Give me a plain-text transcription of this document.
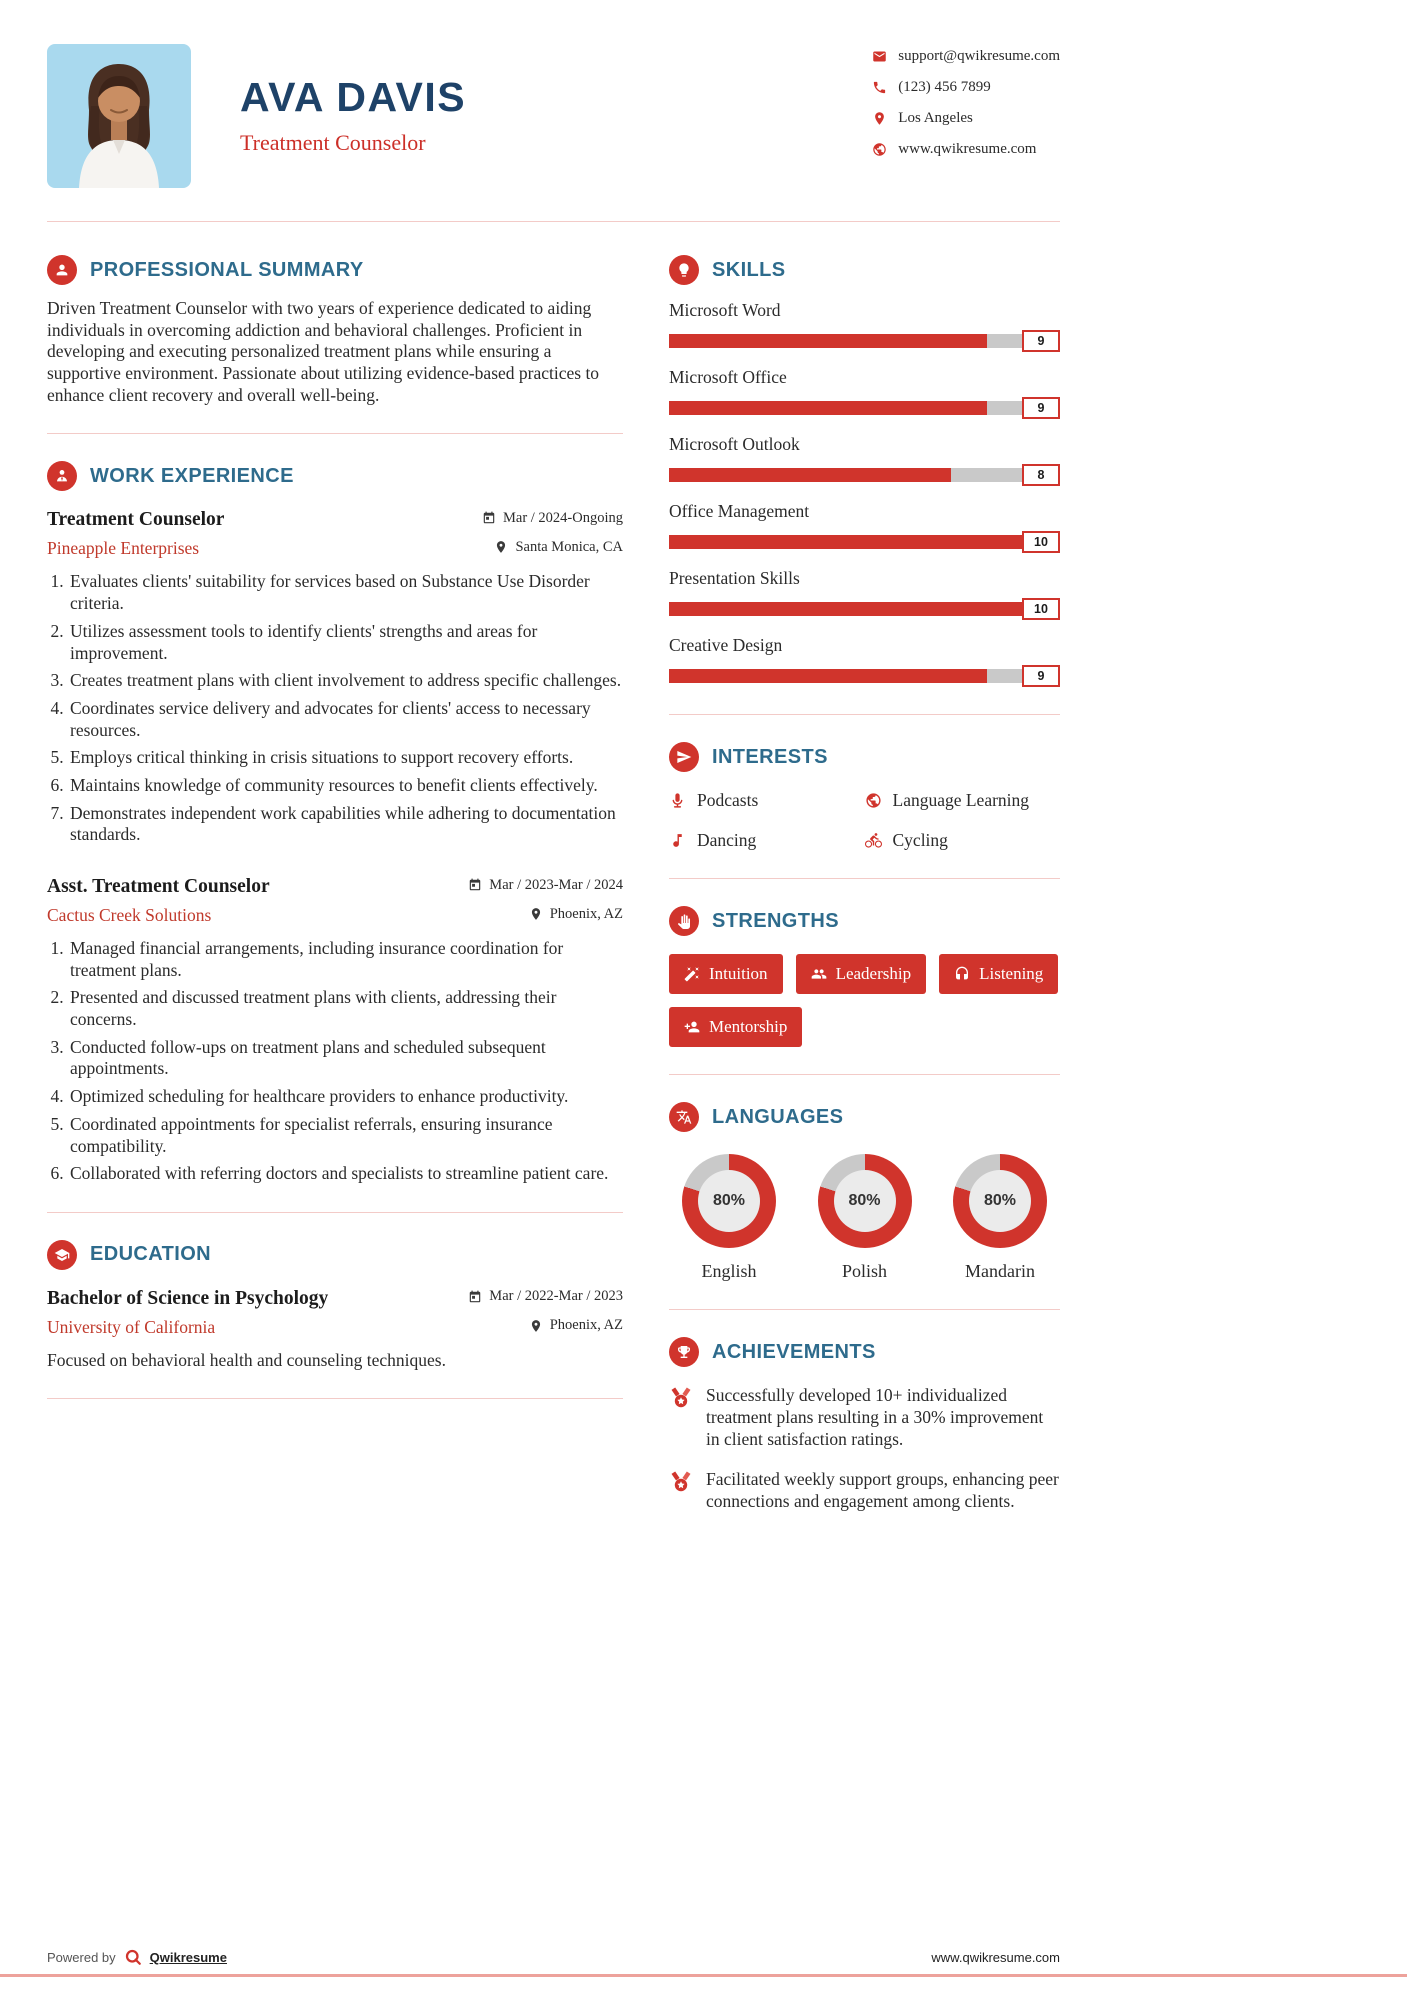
AVA DAVIS
Treatment Counselor
support@qwikresume.com
(123) 456 7899
Los Angeles
www.qwikresume.com
PROFESSIONAL SUMMARY

Driven Treatment Counselor with two years of experience dedicated to aiding individuals in overcoming addiction and behavioral challenges. Proficient in developing and executing personalized treatment plans while ensuring a supportive environment. Passionate about utilizing evidence-based practices to enhance client recovery and overall well-being.

WORK EXPERIENCE
Treatment Counselor	Mar / 2024-Ongoing
Pineapple Enterprises	Santa Monica, CA
1. Evaluates clients' suitability for services based on Substance Use Disorder criteria.
2. Utilizes assessment tools to identify clients' strengths and areas for improvement.
3. Creates treatment plans with client involvement to address specific challenges.
4. Coordinates service delivery and advocates for clients' access to necessary resources.
5. Employs critical thinking in crisis situations to support recovery efforts.
6. Maintains knowledge of community resources to benefit clients effectively.
7. Demonstrates independent work capabilities while adhering to documentation standards.
Asst. Treatment Counselor	Mar / 2023-Mar / 2024
Cactus Creek Solutions	Phoenix, AZ
1. Managed financial arrangements, including insurance coordination for treatment plans.
2. Presented and discussed treatment plans with clients, addressing their concerns.
3. Conducted follow-ups on treatment plans and scheduled subsequent appointments.
4. Optimized scheduling for healthcare providers to enhance productivity.
5. Coordinated appointments for specialist referrals, ensuring insurance compatibility.
6. Collaborated with referring doctors and specialists to streamline patient care.
EDUCATION
Bachelor of Science in Psychology	Mar / 2022-Mar / 2023
University of California	Phoenix, AZ

Focused on behavioral health and counseling techniques.

SKILLS
Microsoft Word
9
Microsoft Office
9
Microsoft Outlook
8
Office Management
10
Presentation Skills
10
Creative Design
9
INTERESTS
Podcasts	Language Learning
Dancing	Cycling
STRENGTHS
Intuition	Leadership	Listening
Mentorship
LANGUAGES
80%
English
80%
Polish
80%
Mandarin
ACHIEVEMENTS
Successfully developed 10+ individualized treatment plans resulting in a 30% improvement in client satisfaction ratings.
Facilitated weekly support groups, enhancing peer connections and engagement among clients.
Powered by	Qwikresume	www.qwikresume.com
